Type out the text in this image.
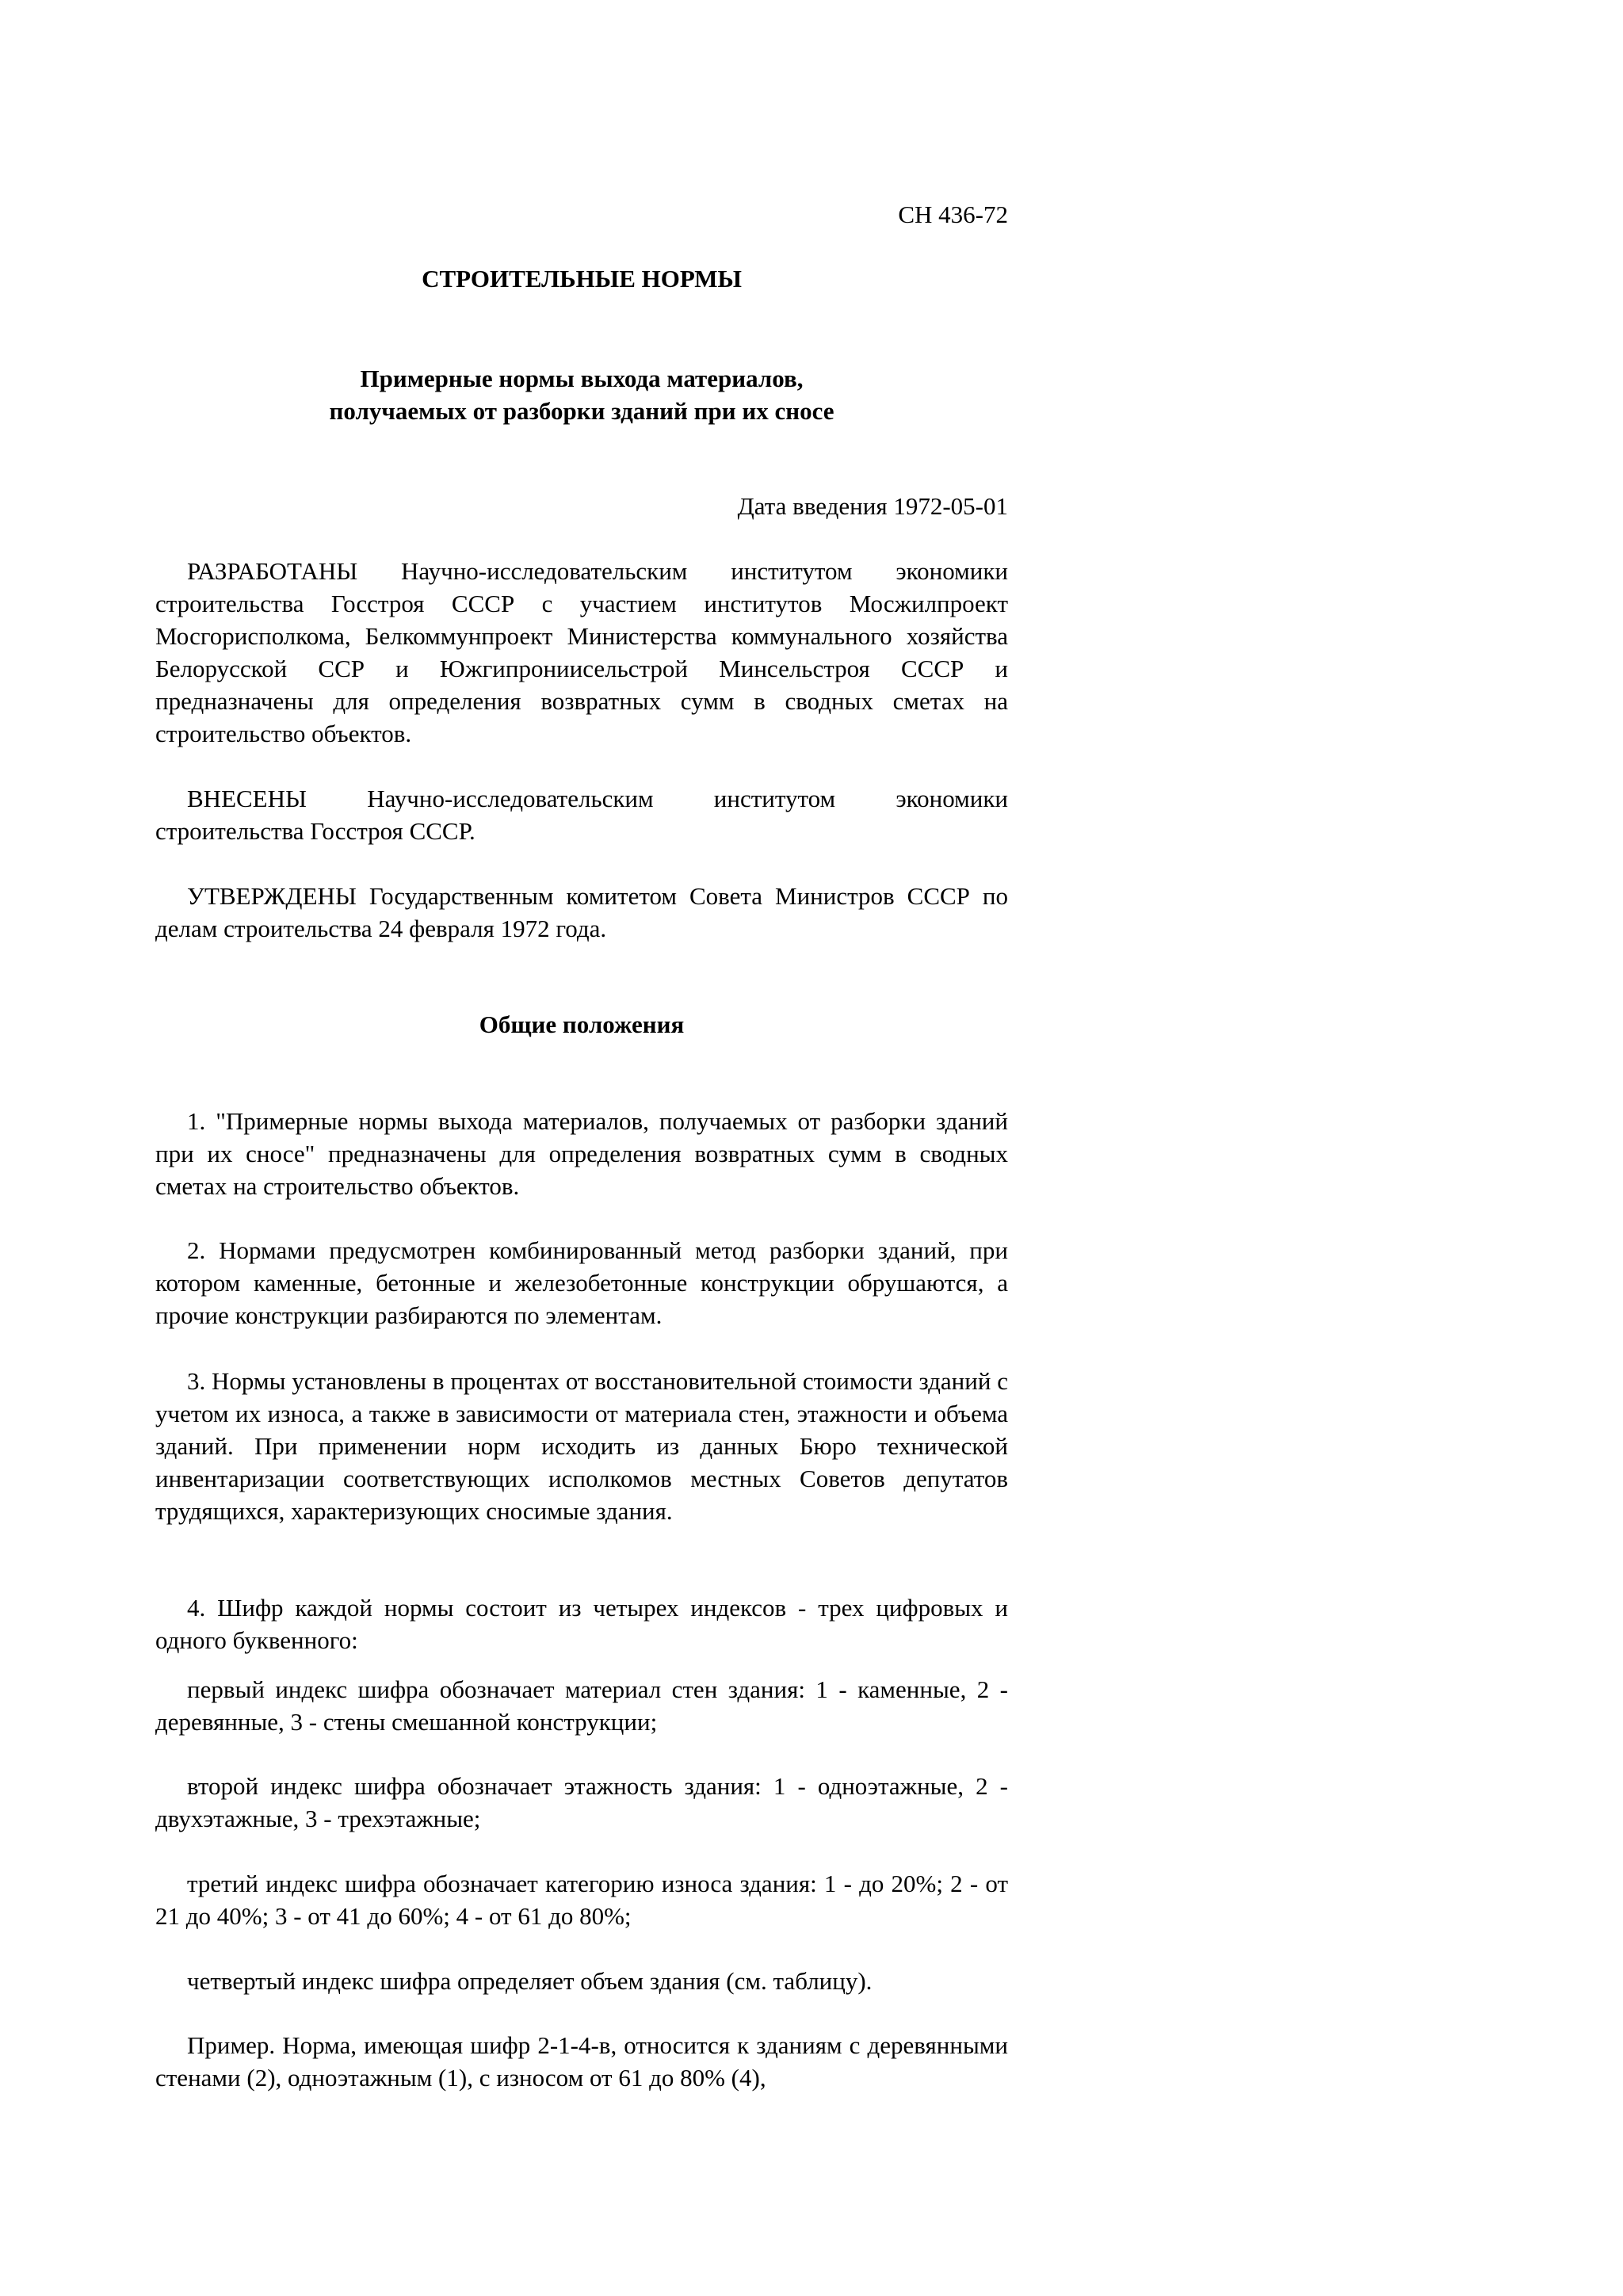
СН 436-72

СТРОИТЕЛЬНЫЕ НОРМЫ

Примерные нормы выхода материалов,
получаемых от разборки зданий при их сносе

Дата введения 1972-05-01

РАЗРАБОТАНЫ Научно-исследовательским институтом экономики строительства Госстроя СССР с участием институтов Мосжилпроект Мосгорисполкома, Белкоммунпроект Министерства коммунального хозяйства Белорусской ССР и Южгипрониисельстрой Минсельстроя СССР и предназначены для определения возвратных сумм в сводных сметах на строительство объектов.

ВНЕСЕНЫ Научно-исследовательским институтом экономики
строительства Госстроя СССР.

УТВЕРЖДЕНЫ Государственным комитетом Совета Министров СССР по делам строительства 24 февраля 1972 года.

Общие положения

1. "Примерные нормы выхода материалов, получаемых от разборки зданий при их сносе" предназначены для определения возвратных сумм в сводных сметах на строительство объектов.

2. Нормами предусмотрен комбинированный метод разборки зданий, при котором каменные, бетонные и железобетонные конструкции обрушаются, а прочие конструкции разбираются по элементам.

3. Нормы установлены в процентах от восстановительной стоимости зданий с учетом их износа, а также в зависимости от материала стен, этажности и объема зданий. При применении норм исходить из данных Бюро технической инвентаризации соответствующих исполкомов местных Советов депутатов трудящихся, характеризующих сносимые здания.

4. Шифр каждой нормы состоит из четырех индексов - трех цифровых и одного буквенного:

первый индекс шифра обозначает материал стен здания: 1 - каменные, 2 - деревянные, 3 - стены смешанной конструкции;

второй индекс шифра обозначает этажность здания: 1 - одноэтажные, 2 - двухэтажные, 3 - трехэтажные;

третий индекс шифра обозначает категорию износа здания: 1 - до 20%; 2 - от 21 до 40%; 3 - от 41 до 60%; 4 - от 61 до 80%;

четвертый индекс шифра определяет объем здания (см. таблицу).

Пример. Норма, имеющая шифр 2-1-4-в, относится к зданиям с деревянными стенами (2), одноэтажным (1), с износом от 61 до 80% (4),
